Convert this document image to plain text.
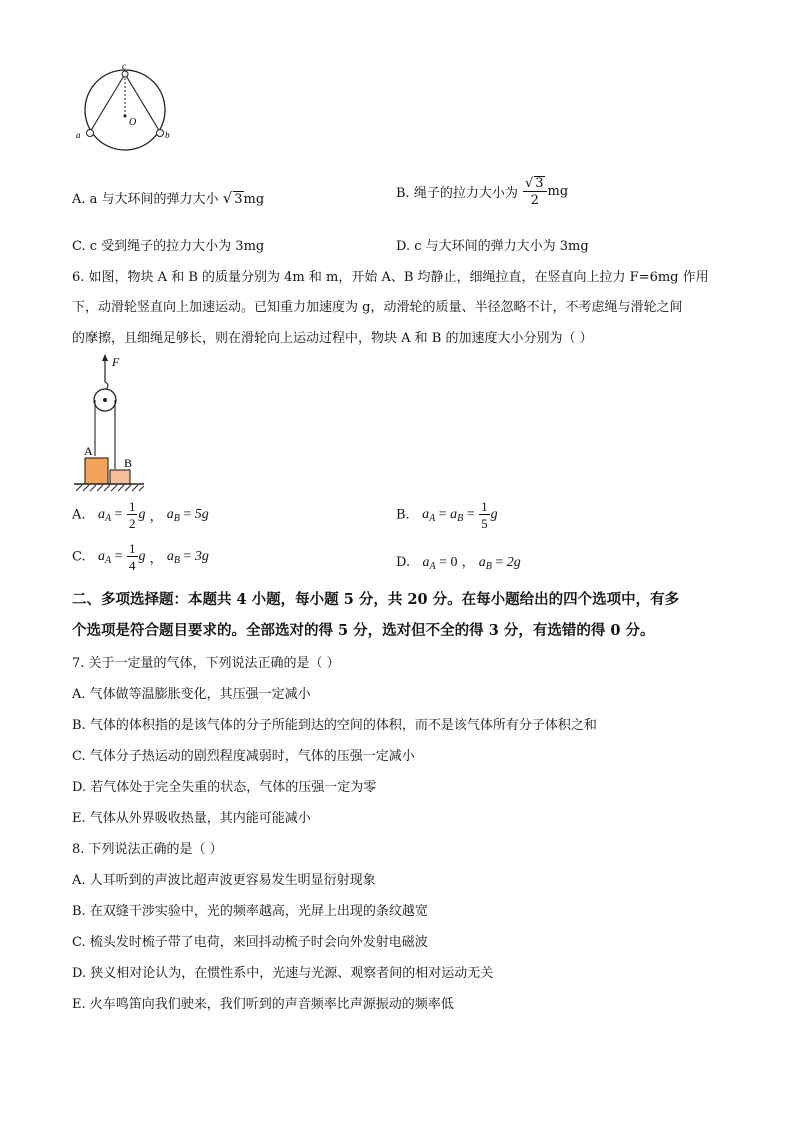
c
O
a	b
A. a 与大环间的弹力大小 √ 3mg	B. 绳子的拉力大小为 $\frac{√ 3}{2}$ mg
C. c 受到绳子的拉力大小为 3mg	D. c 与大环间的弹力大小为 3mg
6. 如图，物块 A 和 B 的质量分别为 4m 和 m，开始 A、B 均静止，细绳拉直，在竖直向上拉力 F=6mg 作用
下，动滑轮竖直向上加速运动。已知重力加速度为 g，动滑轮的质量、半径忽略不计，不考虑绳与滑轮之间
的摩擦，且细绳足够长，则在滑轮向上运动过程中，物块 A 和 B 的加速度大小分别为（ ）
F
A
B
A. $a_A = \frac{1}{2}$ g ， $a_B = 5g$	B. $a_A = a_B = \frac{1}{5}$ g
C. $a_A = \frac{1}{4}$ g ， $a_B = 3g$	D. $a_A = 0$ ， $a_B = 2g$
二、多项选择题：本题共 4 小题，每小题 5 分，共 20 分。在每小题给出的四个选项中，有多
个选项是符合题目要求的。全部选对的得 5 分，选对但不全的得 3 分，有选错的得 0 分。
7. 关于一定量的气体，下列说法正确的是（ ）
A. 气体做等温膨胀变化，其压强一定减小
B. 气体的体积指的是该气体的分子所能到达的空间的体积，而不是该气体所有分子体积之和
C. 气体分子热运动的剧烈程度减弱时，气体的压强一定减小
D. 若气体处于完全失重的状态，气体的压强一定为零
E. 气体从外界吸收热量，其内能可能减小
8. 下列说法正确的是（ ）
A. 人耳听到的声波比超声波更容易发生明显衍射现象
B. 在双缝干涉实验中，光的频率越高，光屏上出现的条纹越宽
C. 梳头发时梳子带了电荷，来回抖动梳子时会向外发射电磁波
D. 狭义相对论认为，在惯性系中，光速与光源、观察者间的相对运动无关
E. 火车鸣笛向我们驶来，我们听到的声音频率比声源振动的频率低
